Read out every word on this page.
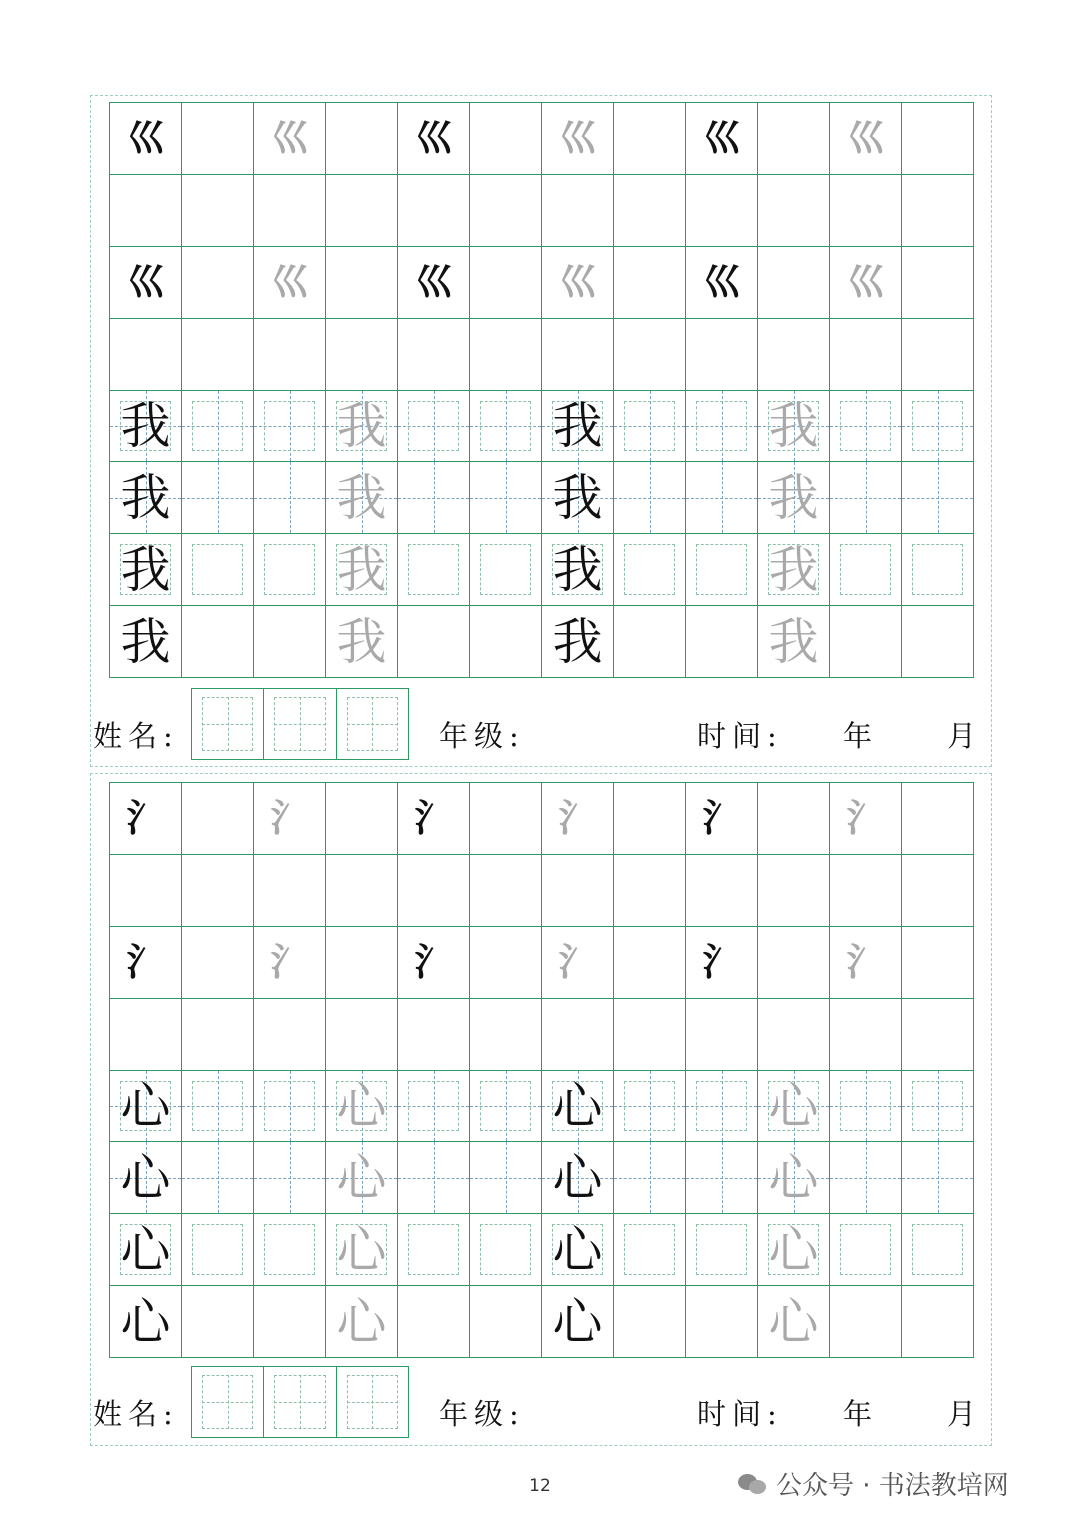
巛	巛	巛	巛	巛	巛
巛	巛	巛	巛	巛	巛
我	我	我	我
我	我	我	我
我	我	我	我
我	我	我	我
姓名:	年级:	时间: 年 月
氵	氵	氵	氵	氵	氵
氵	氵	氵	氵	氵	氵
心	心	心	心
心	心	心	心
心	心	心	心
心	心	心	心
姓名:	年级:	时间: 年 月
12	公众号 · 书法教培网
